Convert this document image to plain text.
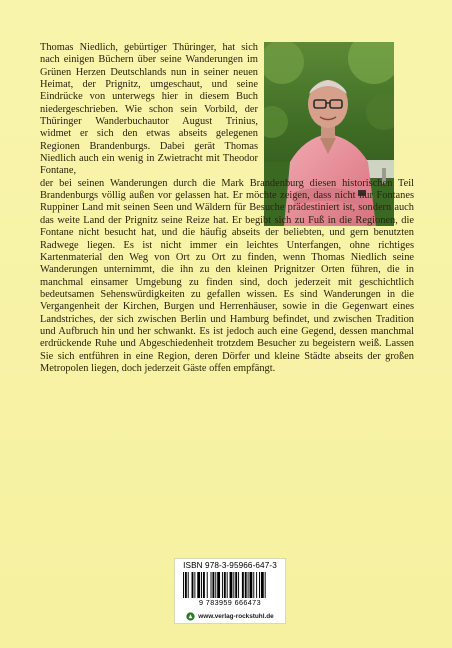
Thomas Niedlich, gebürtiger Thüringer, hat sich nach einigen Büchern über seine Wanderungen im Grünen Herzen Deutschlands nun in seiner neuen Heimat, der Prignitz, umgeschaut, und seine Eindrücke von unterwegs hier in diesem Buch niedergeschrieben. Wie schon sein Vorbild, der Thüringer Wanderbuchautor August Trinius, widmet er sich den etwas abseits gelegenen Regionen Brandenburgs. Dabei gerät Thomas Niedlich auch ein wenig in Zwietracht mit Theodor Fontane,

der bei seinen Wanderungen durch die Mark Brandenburg diesen historischen Teil Brandenburgs völlig außen vor gelassen hat. Er möchte zeigen, dass nicht nur Fontanes Ruppiner Land mit seinen Seen und Wäldern für Besuche prädestiniert ist, sondern auch das weite Land der Prignitz seine Reize hat. Er begibt sich zu Fuß in die Regionen, die Fontane nicht besucht hat, und die häufig abseits der beliebten, und gern benutzten Radwege liegen. Es ist nicht immer ein leichtes Unterfangen, ohne richtiges Kartenmaterial den Weg von Ort zu Ort zu finden, wenn Thomas Niedlich seine Wanderungen unternimmt, die ihn zu den kleinen Prignitzer Orten führen, die in manchmal einsamer Umgebung zu finden sind, doch jederzeit mit geschichtlich bedeutsamen Sehenswürdigkeiten zu gefallen wissen. Es sind Wanderungen in die Vergangenheit der Kirchen, Burgen und Herrenhäuser, sowie in die Gegenwart eines Landstriches, der sich zwischen Berlin und Hamburg befindet, und zwischen Tradition und Aufbruch hin und her schwankt. Es ist jedoch auch eine Gegend, dessen manchmal erdrückende Ruhe und Abgeschiedenheit trotzdem Besucher zu begeistern weiß. Lassen Sie sich entführen in eine Region, deren Dörfer und kleine Städte abseits der großen Metropolen liegen, doch jederzeit Gäste offen empfängt.

ISBN 978-3-95966-647-3
9 783959 666473
www.verlag-rockstuhl.de
